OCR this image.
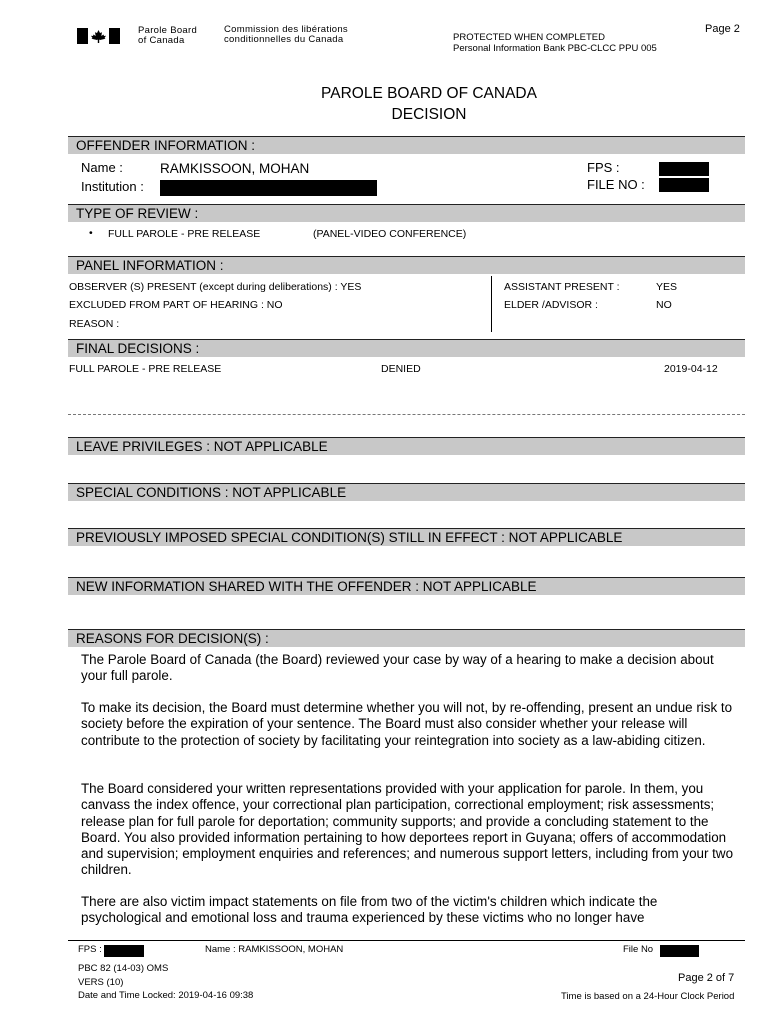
Parole Board
of Canada
Commission des libérations
conditionnelles du Canada	PROTECTED WHEN COMPLETED
Personal Information Bank PBC-CLCC PPU 005
Page 2
PAROLE BOARD OF CANADA
DECISION
OFFENDER INFORMATION :
Name :	RAMKISSOON, MOHAN
Institution :
FPS :
FILE NO :
TYPE OF REVIEW :
• FULL PAROLE - PRE RELEASE	(PANEL-VIDEO CONFERENCE)
PANEL INFORMATION :
OBSERVER (S) PRESENT (except during deliberations) : YES
EXCLUDED FROM PART OF HEARING : NO
REASON :
ASSISTANT PRESENT :	YES
ELDER /ADVISOR :	NO
FINAL DECISIONS :
FULL PAROLE - PRE RELEASE	DENIED	2019-04-12
LEAVE PRIVILEGES : NOT APPLICABLE
SPECIAL CONDITIONS : NOT APPLICABLE
PREVIOUSLY IMPOSED SPECIAL CONDITION(S) STILL IN EFFECT : NOT APPLICABLE
NEW INFORMATION SHARED WITH THE OFFENDER : NOT APPLICABLE
REASONS FOR DECISION(S) :

The Parole Board of Canada (the Board) reviewed your case by way of a hearing to make a decision about your full parole.

To make its decision, the Board must determine whether you will not, by re-offending, present an undue risk to society before the expiration of your sentence. The Board must also consider whether your release will contribute to the protection of society by facilitating your reintegration into society as a law-abiding citizen.

The Board considered your written representations provided with your application for parole. In them, you canvass the index offence, your correctional plan participation, correctional employment; risk assessments; release plan for full parole for deportation; community supports; and provide a concluding statement to the Board. You also provided information pertaining to how deportees report in Guyana; offers of accommodation and supervision; employment enquiries and references; and numerous support letters, including from your two children.

There are also victim impact statements on file from two of the victim's children which indicate the psychological and emotional loss and trauma experienced by these victims who no longer have

FPS :	Name : RAMKISSOON, MOHAN	File No
PBC 82 (14-03) OMS
VERS (10)
Date and Time Locked: 2019-04-16 09:38
Page 2 of 7
Time is based on a 24-Hour Clock Period
